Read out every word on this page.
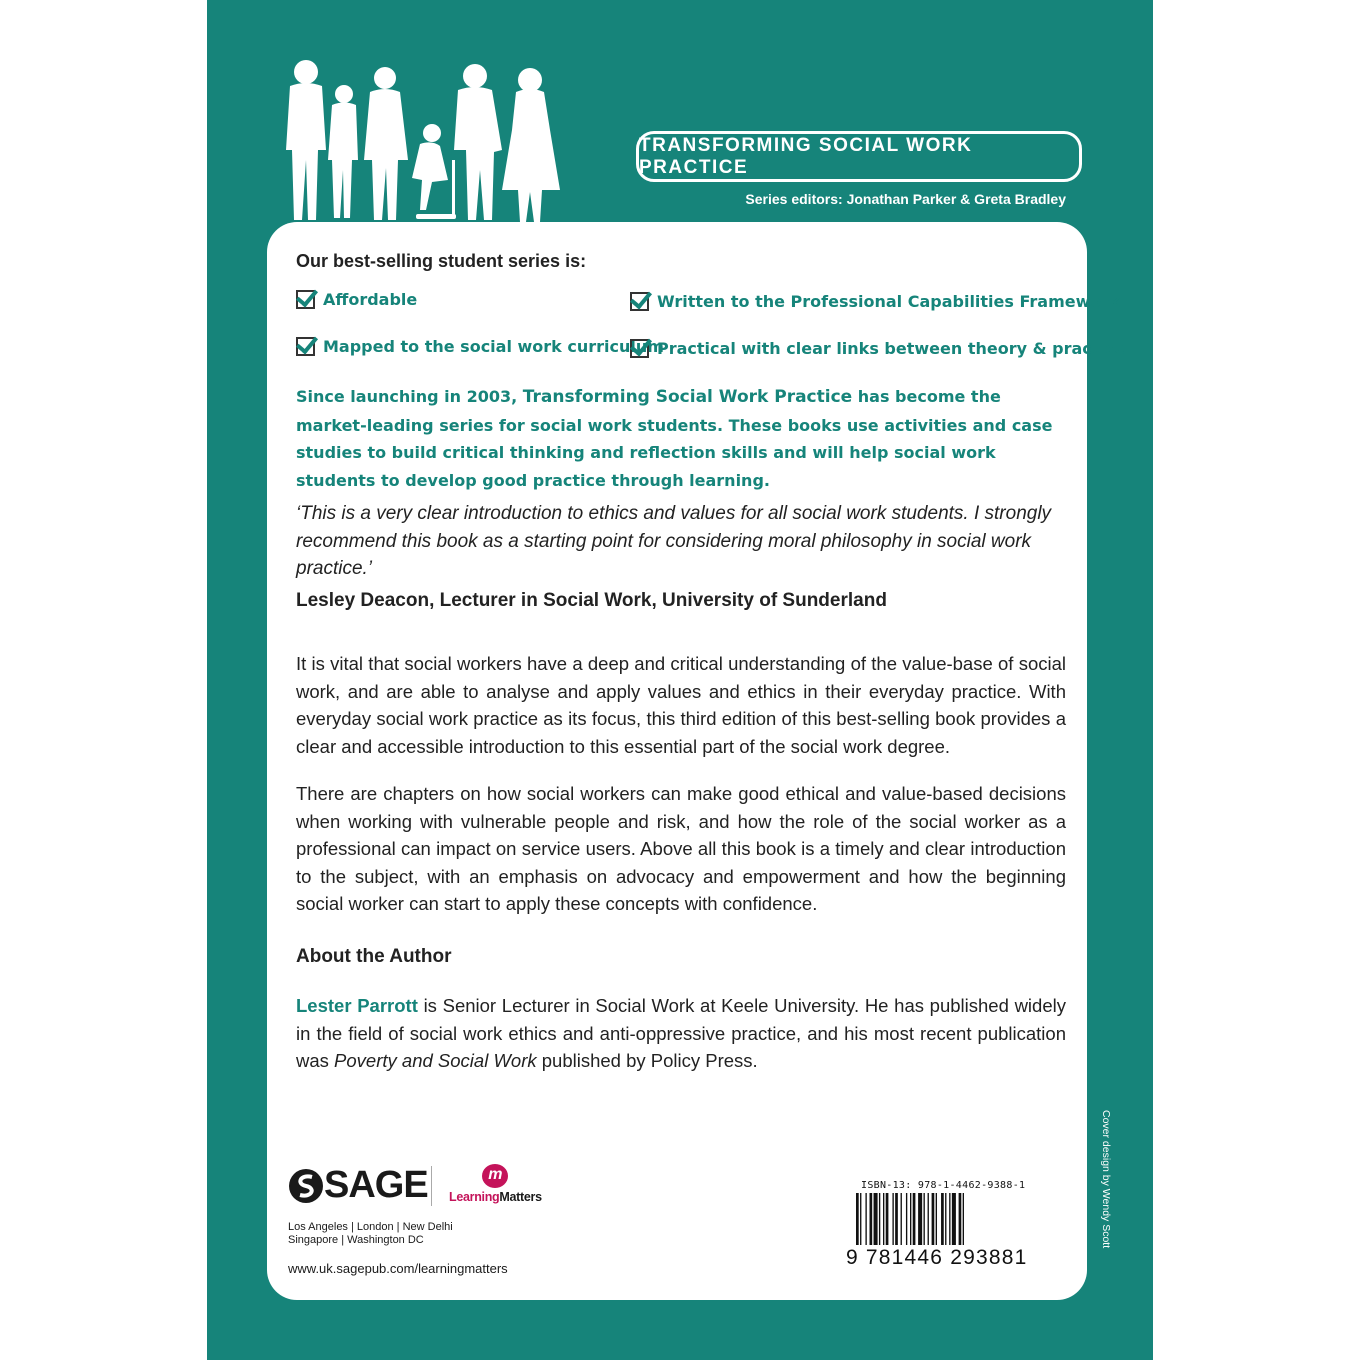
TRANSFORMING SOCIAL WORK PRACTICE
Series editors: Jonathan Parker & Greta Bradley
Our best-selling student series is:
Affordable	Written to the Professional Capabilities Framework
Mapped to the social work curriculum
Practical with clear links between theory & practice
Since launching in 2003, Transforming Social Work Practice has become the market-leading series for social work students. These books use activities and case studies to build critical thinking and reflection skills and will help social work students to develop good practice through learning.
‘This is a very clear introduction to ethics and values for all social work students. I strongly recommend this book as a starting point for considering moral philosophy in social work practice.’
Lesley Deacon, Lecturer in Social Work, University of Sunderland
It is vital that social workers have a deep and critical understanding of the value-base of social work, and are able to analyse and apply values and ethics in their everyday practice. With everyday social work practice as its focus, this third edition of this best-selling book provides a clear and accessible introduction to this essential part of the social work degree.
There are chapters on how social workers can make good ethical and value-based decisions when working with vulnerable people and risk, and how the role of the social worker as a professional can impact on service users. Above all this book is a timely and clear introduction to the subject, with an emphasis on advocacy and empowerment and how the beginning social worker can start to apply these concepts with confidence.
About the Author
Lester Parrott is Senior Lecturer in Social Work at Keele University. He has published widely in the field of social work ethics and anti-oppressive practice, and his most recent publication was Poverty and Social Work published by Policy Press.
SAGE	m
LearningMatters
Los Angeles | London | New Delhi
Singapore | Washington DC
www.uk.sagepub.com/learningmatters
ISBN-13: 978-1-4462-9388-1
9 781446 293881
Cover design by Wendy Scott
